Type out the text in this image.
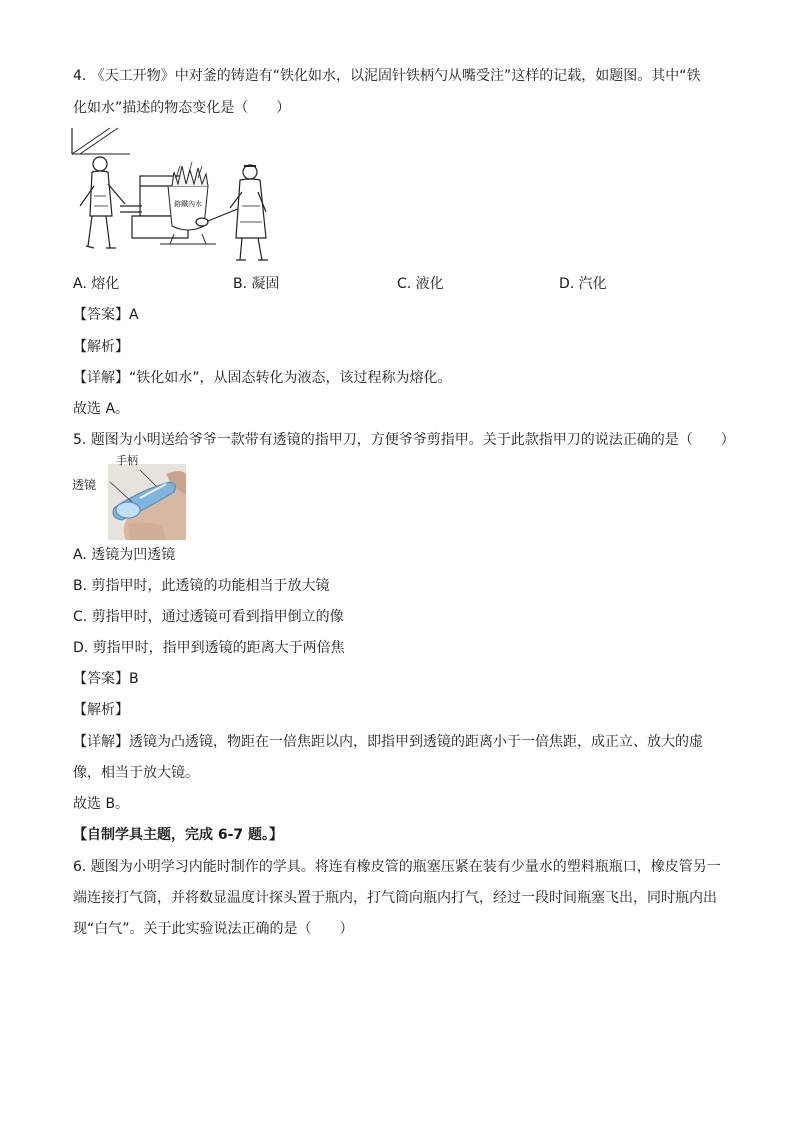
4. 《天工开物》中对釜的铸造有“铁化如水，以泥固针铁柄勺从嘴受注”这样的记载，如题图。其中“铁
化如水”描述的物态变化是（　　）
鎔鐵內水
A. 熔化	B. 凝固	C. 液化	D. 汽化
【答案】A
【解析】
【详解】“铁化如水”，从固态转化为液态，该过程称为熔化。
故选 A。
5. 题图为小明送给爷爷一款带有透镜的指甲刀，方便爷爷剪指甲。关于此款指甲刀的说法正确的是（　　）
手柄
透镜
A. 透镜为凹透镜
B. 剪指甲时，此透镜的功能相当于放大镜
C. 剪指甲时，通过透镜可看到指甲倒立的像
D. 剪指甲时，指甲到透镜的距离大于两倍焦
【答案】B
【解析】
【详解】透镜为凸透镜，物距在一倍焦距以内，即指甲到透镜的距离小于一倍焦距，成正立、放大的虚
像，相当于放大镜。
故选 B。
【自制学具主题，完成 6-7 题。】
6. 题图为小明学习内能时制作的学具。将连有橡皮管的瓶塞压紧在装有少量水的塑料瓶瓶口，橡皮管另一
端连接打气筒，并将数显温度计探头置于瓶内，打气筒向瓶内打气，经过一段时间瓶塞飞出，同时瓶内出
现“白气”。关于此实验说法正确的是（　　）
